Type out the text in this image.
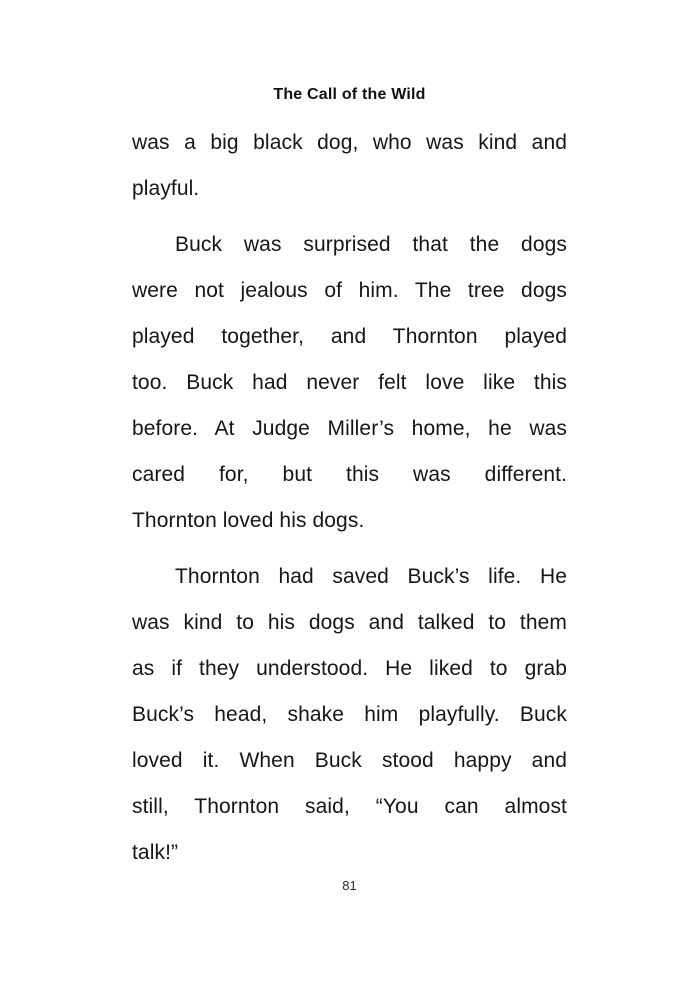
The Call of the Wild
was a big black dog, who was kind and
playful.
Buck was surprised that the dogs
were not jealous of him. The tree dogs
played together, and Thornton played
too. Buck had never felt love like this
before. At Judge Miller’s home, he was
cared for, but this was different.
Thornton loved his dogs.
Thornton had saved Buck’s life. He
was kind to his dogs and talked to them
as if they understood. He liked to grab
Buck’s head, shake him playfully. Buck
loved it. When Buck stood happy and
still, Thornton said, “You can almost
talk!”
81
